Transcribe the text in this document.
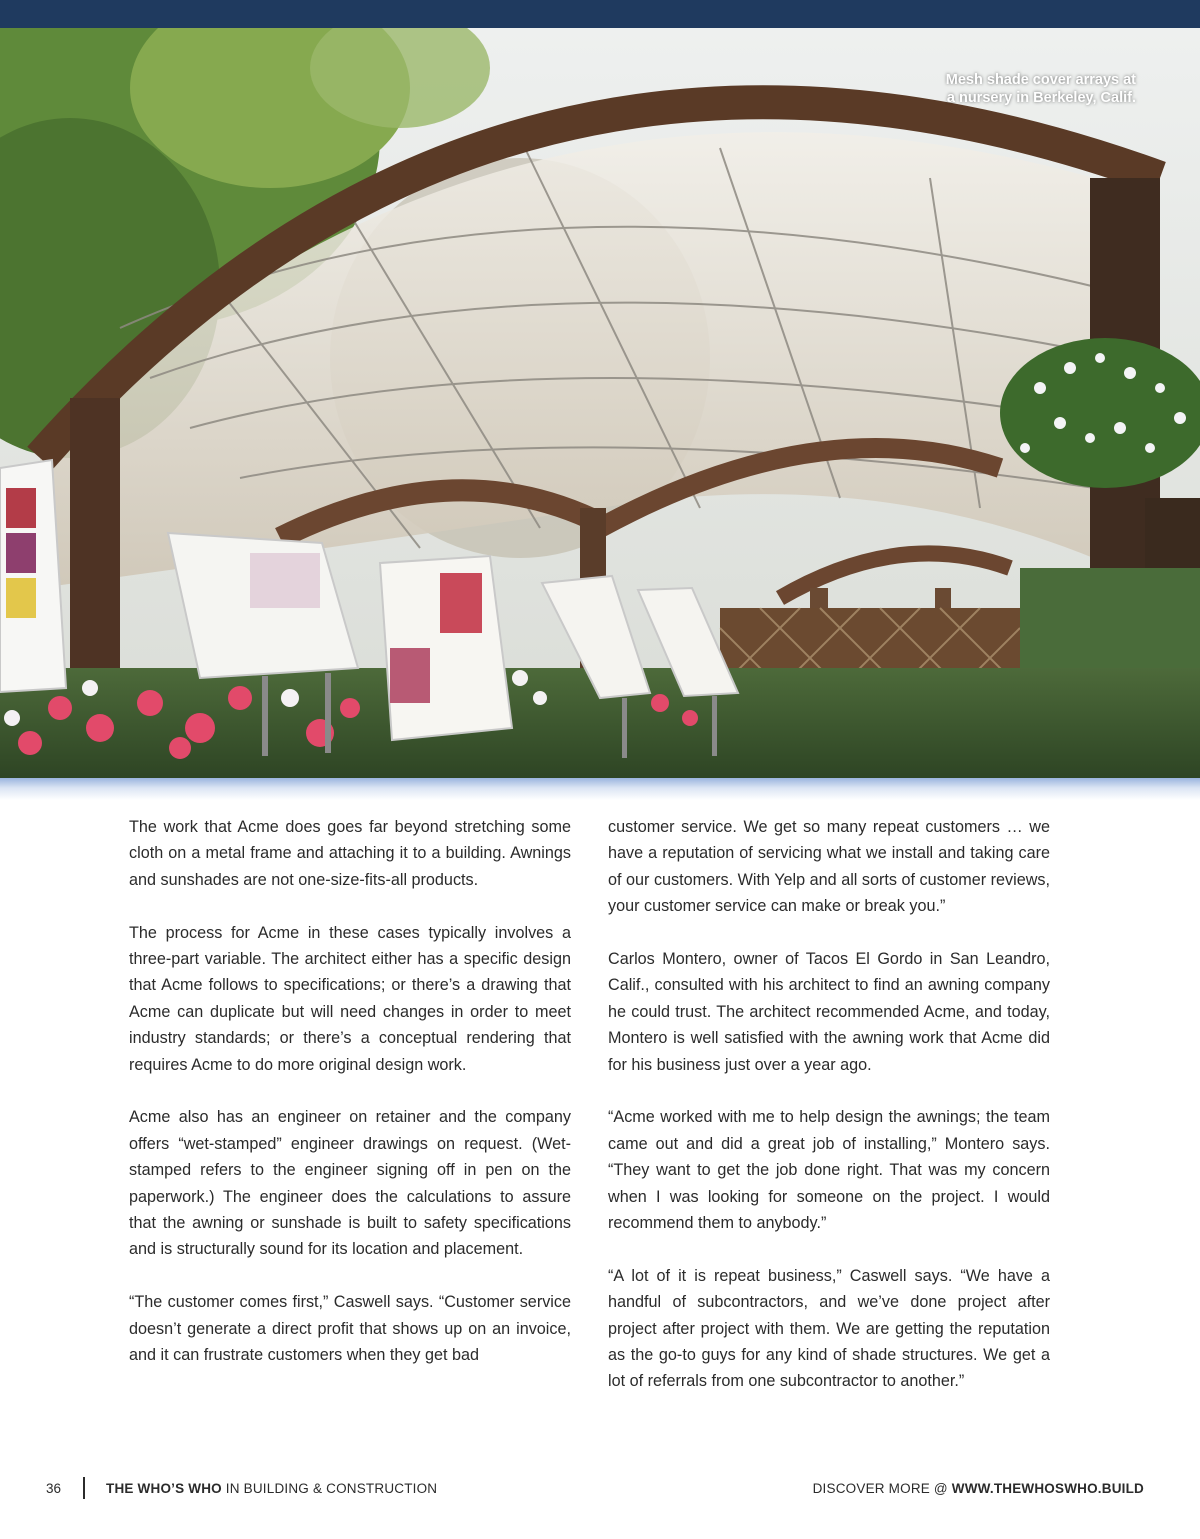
Mesh shade cover arrays at
a nursery in Berkeley, Calif.

The work that Acme does goes far beyond stretching some cloth on a metal frame and attaching it to a building. Awnings and sunshades are not one-size-fits-all products.

The process for Acme in these cases typically involves a three-part variable. The architect either has a specific design that Acme follows to specifications; or there’s a drawing that Acme can duplicate but will need changes in order to meet industry standards; or there’s a conceptual rendering that requires Acme to do more original design work.

Acme also has an engineer on retainer and the company offers “wet-stamped” engineer drawings on request. (Wet-stamped refers to the engineer signing off in pen on the paperwork.) The engineer does the calculations to assure that the awning or sunshade is built to safety specifications and is structurally sound for its location and placement.

“The customer comes first,” Caswell says. “Customer service doesn’t generate a direct profit that shows up on an invoice, and it can frustrate customers when they get bad

customer service. We get so many repeat customers … we have a reputation of servicing what we install and taking care of our customers. With Yelp and all sorts of customer reviews, your customer service can make or break you.”

Carlos Montero, owner of Tacos El Gordo in San Leandro, Calif., consulted with his architect to find an awning company he could trust. The architect recommended Acme, and today, Montero is well satisfied with the awning work that Acme did for his business just over a year ago.

“Acme worked with me to help design the awnings; the team came out and did a great job of installing,” Montero says. “They want to get the job done right. That was my concern when I was looking for someone on the project. I would recommend them to anybody.”

“A lot of it is repeat business,” Caswell says. “We have a handful of subcontractors, and we’ve done project after project after project with them. We are getting the reputation as the go-to guys for any kind of shade structures. We get a lot of referrals from one subcontractor to another.”

36	THE WHO’S WHO IN BUILDING & CONSTRUCTION	DISCOVER MORE @ WWW.THEWHOSWHO.BUILD
